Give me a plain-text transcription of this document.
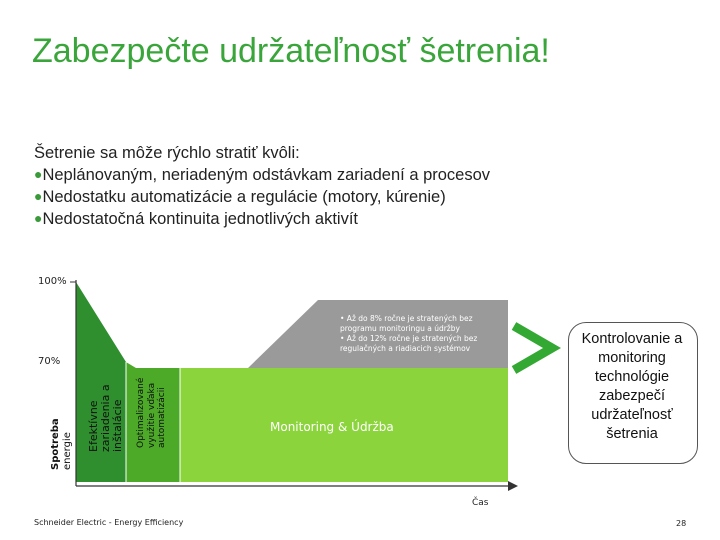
Zabezpečte udržateľnosť šetrenia!
Šetrenie sa môže rýchlo stratiť kvôli:
●Neplánovaným, neriadeným odstávkam zariadení a procesov
●Nedostatku automatizácie a regulácie (motory, kúrenie)
●Nedostatočná kontinuita jednotlivých aktivít
100%
70%
Spotreba energie Efektívne zariadenia a inštalácie Optimalizované využitie vďaka automatizácii
• Až do 8% ročne je stratených bez programu monitoringu a údržby
• Až do 12% ročne je stratených bez regulačných a riadiacich systémov
Monitoring & Údržba
Čas
Kontrolovanie a monitoring technológie zabezpečí udržateľnosť šetrenia
Schneider Electric - Energy Efficiency	28
